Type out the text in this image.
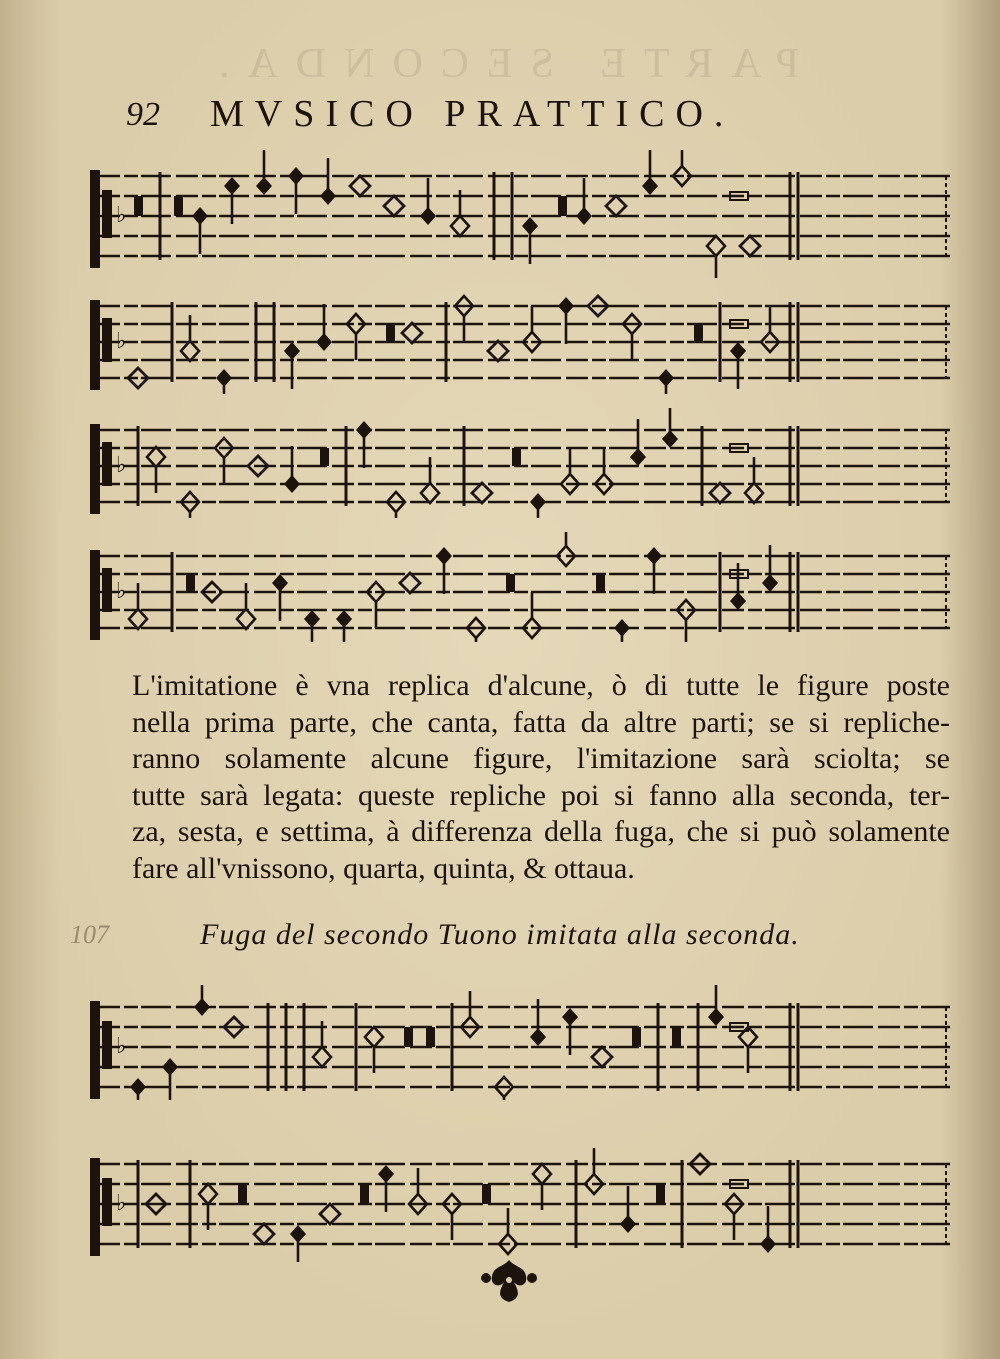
PARTE SECONDA.
92 MVSICO PRATTICO.
♭
♭
♭
♭
L'imitatione è vna replica d'alcune, ò di tutte le figure poste
nella prima parte, che canta, fatta da altre parti; se si repliche-
ranno solamente alcune figure, l'imitazione sarà sciolta; se
tutte sarà legata: queste repliche poi si fanno alla seconda, ter-
za, sesta, e settima, à differenza della fuga, che si può solamente
fare all'vnissono, quarta, quinta, & ottaua.
107	Fuga del secondo Tuono imitata alla seconda.
♭
♭
